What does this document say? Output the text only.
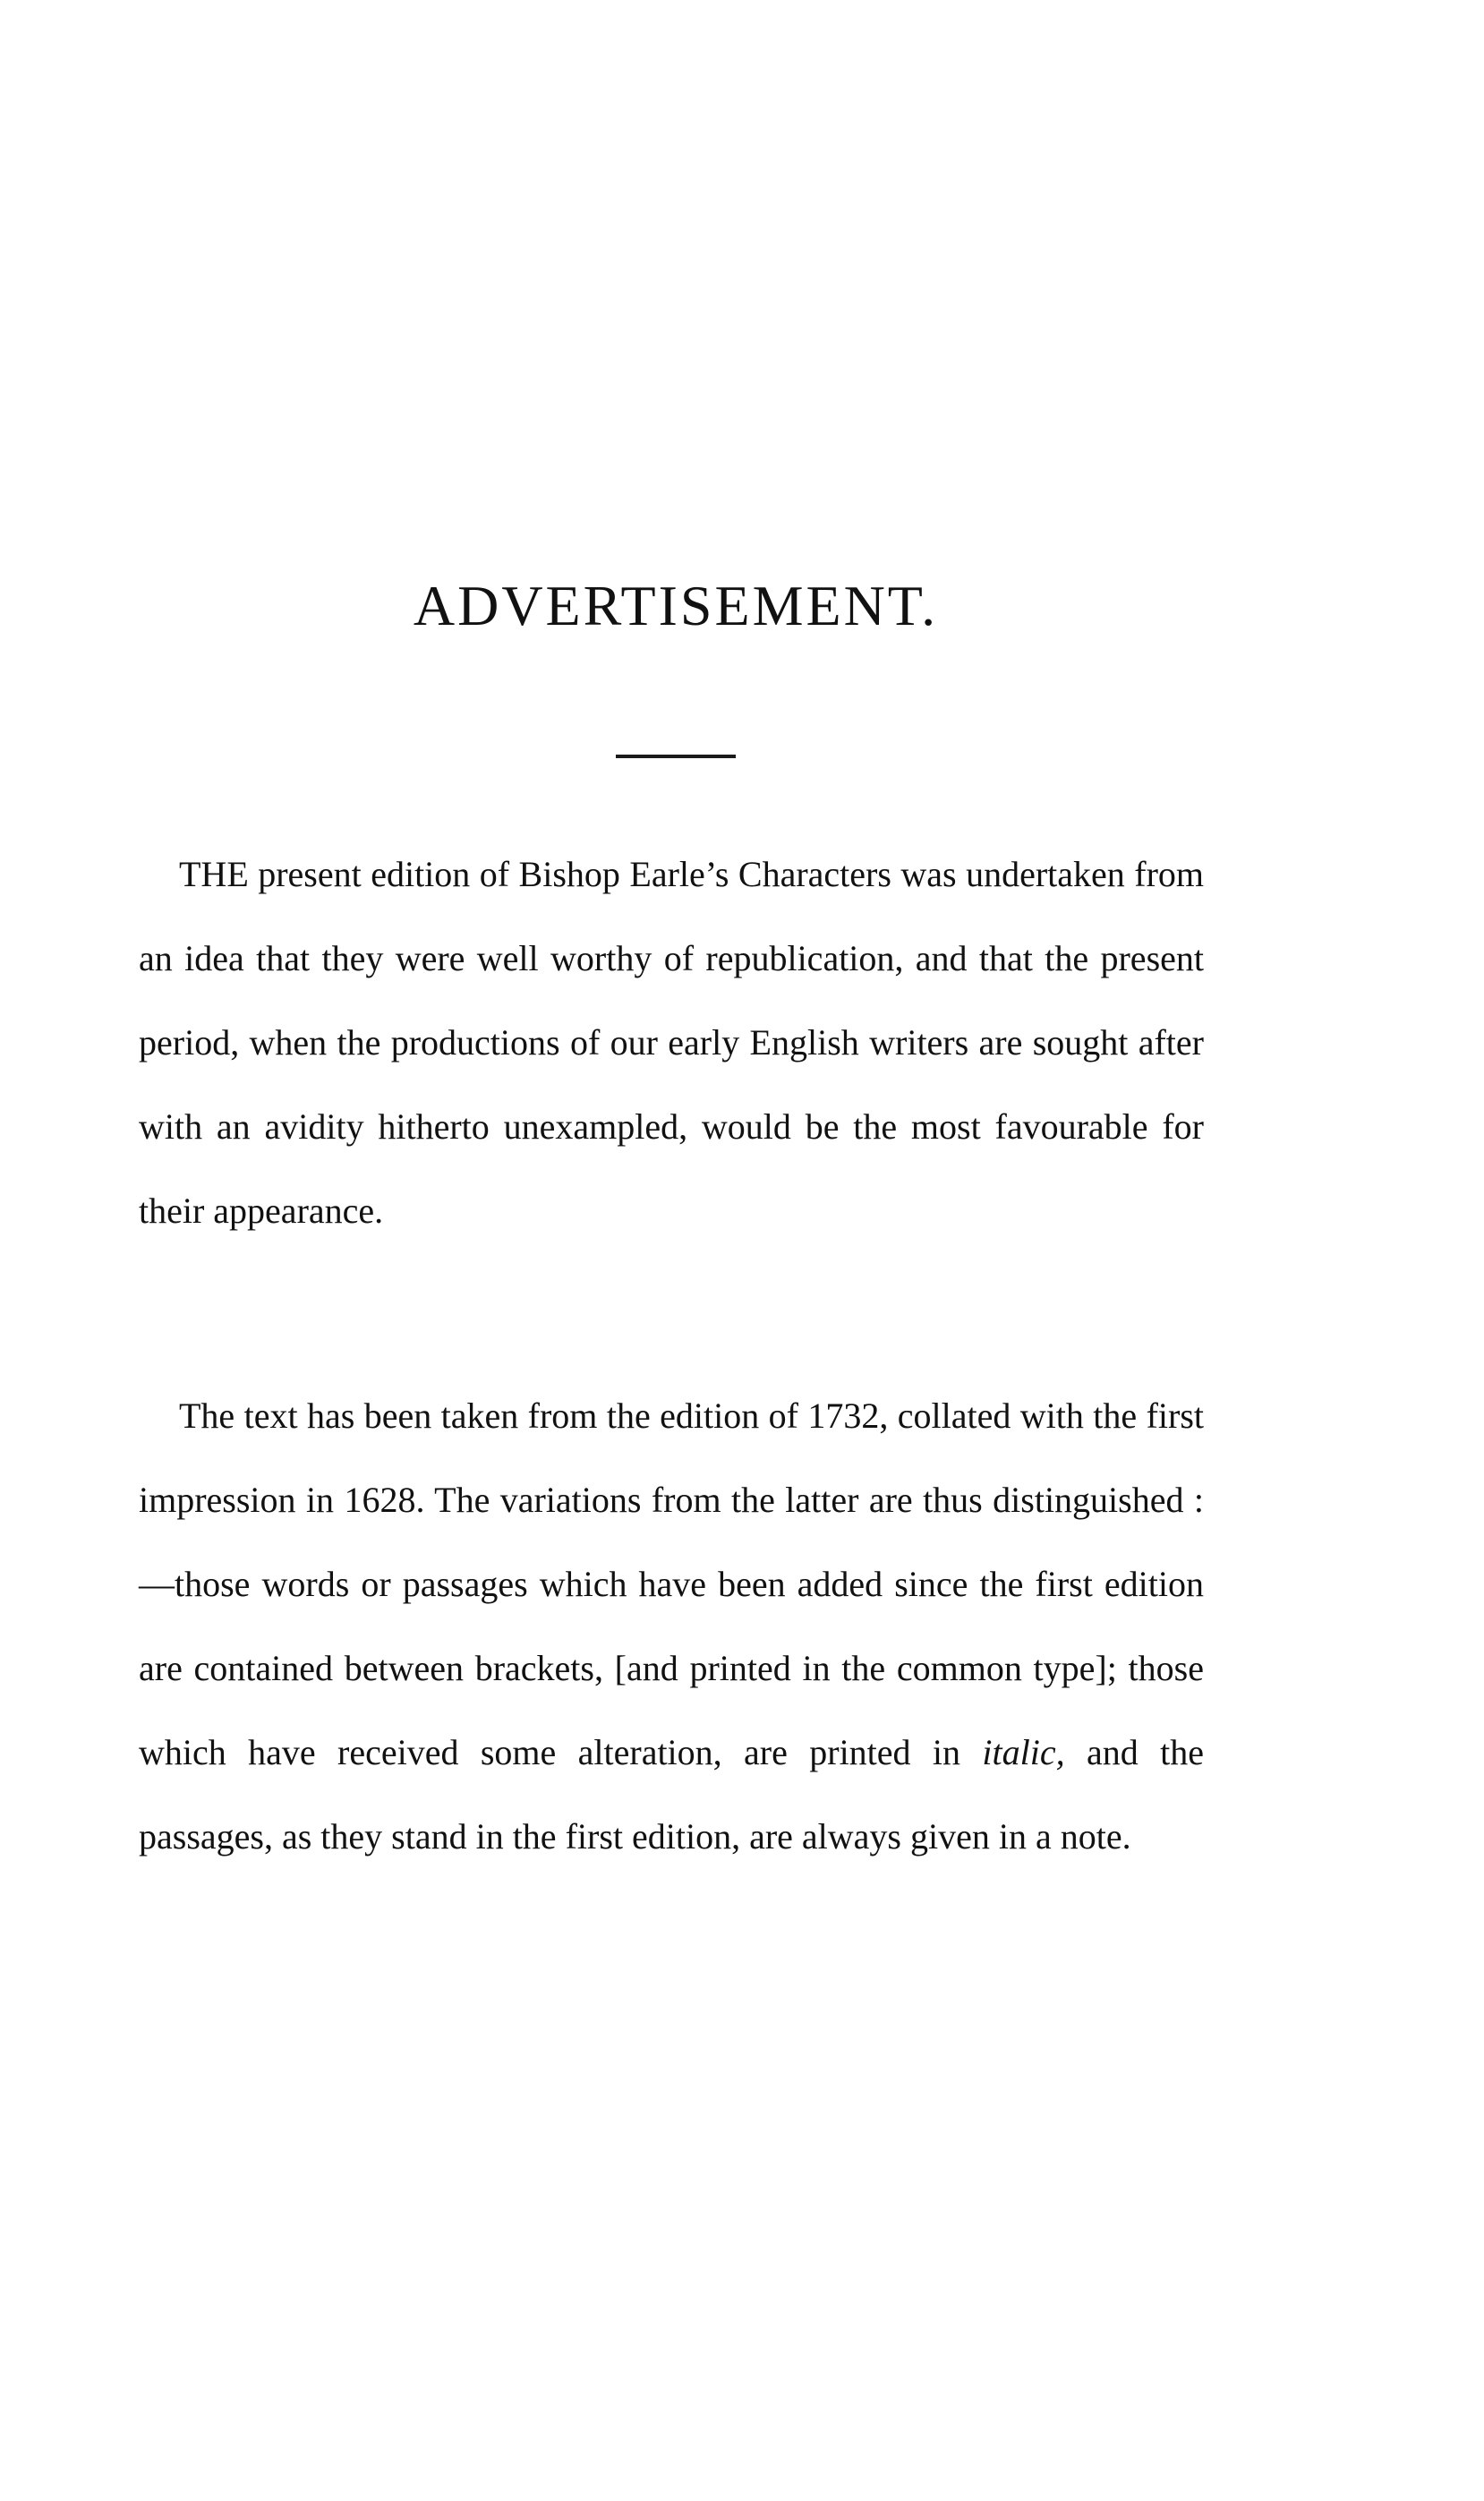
ADVERTISEMENT.

THE present edition of Bishop Earle’s Characters was undertaken from an idea that they were well worthy of republication, and that the present period, when the productions of our early English writers are sought after with an avidity hitherto unexampled, would be the most favourable for their appearance.

The text has been taken from the edition of 1732, collated with the first impression in 1628. The variations from the latter are thus distinguished :—those words or passages which have been added since the first edition are contained between brackets, [and printed in the common type]; those which have received some alteration, are printed in italic, and the passages, as they stand in the first edition, are always given in a note.
